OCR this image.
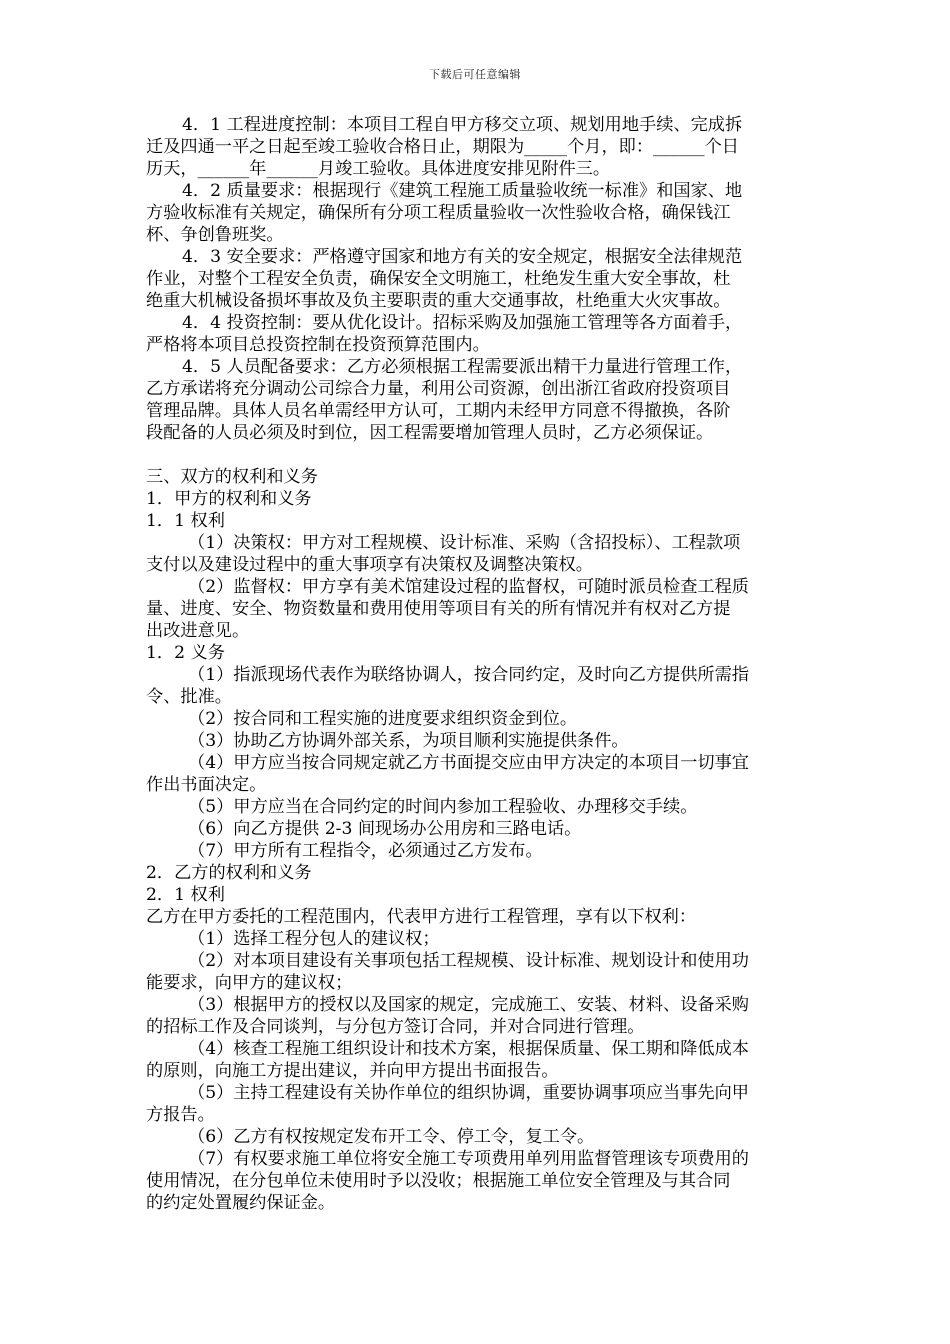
下载后可任意编辑
4．1 工程进度控制：本项目工程自甲方移交立项、规划用地手续、完成拆
迁及四通一平之日起至竣工验收合格日止，期限为_____个月，即：______个日
历天，______年______月竣工验收。具体进度安排见附件三。
4．2 质量要求：根据现行《建筑工程施工质量验收统一标准》和国家、地
方验收标准有关规定，确保所有分项工程质量验收一次性验收合格，确保钱江
杯、争创鲁班奖。
4．3 安全要求：严格遵守国家和地方有关的安全规定，根据安全法律规范
作业，对整个工程安全负责，确保安全文明施工，杜绝发生重大安全事故，杜
绝重大机械设备损坏事故及负主要职责的重大交通事故，杜绝重大火灾事故。
4．4 投资控制：要从优化设计。招标采购及加强施工管理等各方面着手，
严格将本项目总投资控制在投资预算范围内。
4．5 人员配备要求：乙方必须根据工程需要派出精干力量进行管理工作，
乙方承诺将充分调动公司综合力量，利用公司资源，创出浙江省政府投资项目
管理品牌。具体人员名单需经甲方认可，工期内未经甲方同意不得撤换，各阶
段配备的人员必须及时到位，因工程需要增加管理人员时，乙方必须保证。
三、双方的权利和义务
1．甲方的权利和义务
1．1 权利
（1）决策权：甲方对工程规模、设计标准、采购（含招投标）、工程款项
支付以及建设过程中的重大事项享有决策权及调整决策权。
（2）监督权：甲方享有美术馆建设过程的监督权，可随时派员检查工程质
量、进度、安全、物资数量和费用使用等项目有关的所有情况并有权对乙方提
出改进意见。
1．2 义务
（1）指派现场代表作为联络协调人，按合同约定，及时向乙方提供所需指
令、批准。
（2）按合同和工程实施的进度要求组织资金到位。
（3）协助乙方协调外部关系，为项目顺利实施提供条件。
（4）甲方应当按合同规定就乙方书面提交应由甲方决定的本项目一切事宜
作出书面决定。
（5）甲方应当在合同约定的时间内参加工程验收、办理移交手续。
（6）向乙方提供 2-3 间现场办公用房和三路电话。
（7）甲方所有工程指令，必须通过乙方发布。
2．乙方的权利和义务
2．1 权利
乙方在甲方委托的工程范围内，代表甲方进行工程管理，享有以下权利：
（1）选择工程分包人的建议权；
（2）对本项目建设有关事项包括工程规模、设计标准、规划设计和使用功
能要求，向甲方的建议权；
（3）根据甲方的授权以及国家的规定，完成施工、安装、材料、设备采购
的招标工作及合同谈判，与分包方签订合同，并对合同进行管理。
（4）核查工程施工组织设计和技术方案，根据保质量、保工期和降低成本
的原则，向施工方提出建议，并向甲方提出书面报告。
（5）主持工程建设有关协作单位的组织协调，重要协调事项应当事先向甲
方报告。
（6）乙方有权按规定发布开工令、停工令，复工令。
（7）有权要求施工单位将安全施工专项费用单列用监督管理该专项费用的
使用情况，在分包单位未使用时予以没收；根据施工单位安全管理及与其合同
的约定处置履约保证金。
